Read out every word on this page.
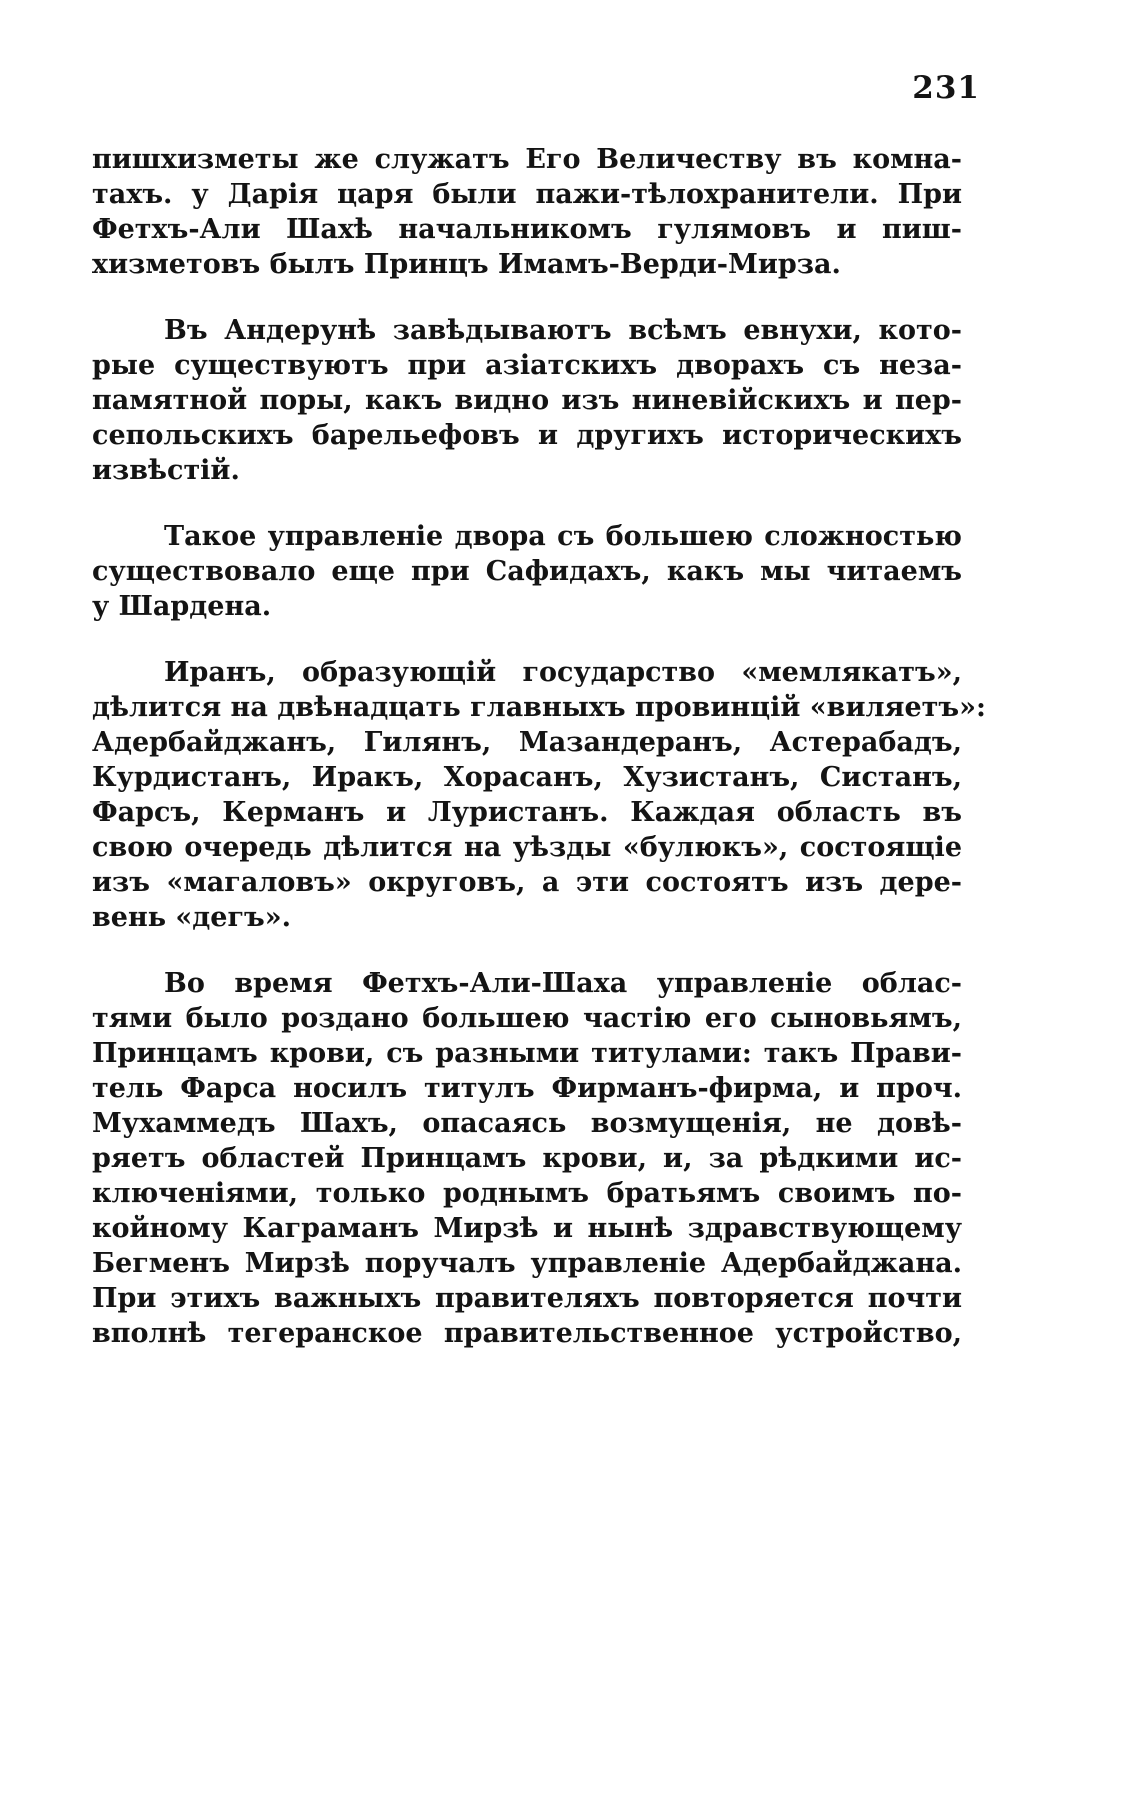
231
пишхизметы же служатъ Его Величеству въ комна-
тахъ. у Дарія царя были пажи-тѣлохранители. При
Фетхъ-Али Шахѣ начальникомъ гулямовъ и пиш-
хизметовъ былъ Принцъ Имамъ-Верди-Мирза.
Въ Андерунѣ завѣдываютъ всѣмъ евнухи, кото-
рые существуютъ при азіатскихъ дворахъ съ неза-
памятной поры, какъ видно изъ ниневійскихъ и пер-
сепольскихъ барельефовъ и другихъ историческихъ
извѣстій.
Такое управленіе двора съ большею сложностью
существовало еще при Сафидахъ, какъ мы читаемъ
у Шардена.
Иранъ, образующій государство «мемлякатъ»,
дѣлится на двѣнадцать главныхъ провинцій «виляетъ»:
Адербайджанъ, Гилянъ, Мазандеранъ, Астерабадъ,
Курдистанъ, Иракъ, Хорасанъ, Хузистанъ, Систанъ,
Фарсъ, Керманъ и Луристанъ. Каждая область въ
свою очередь дѣлится на уѣзды «булюкъ», состоящіе
изъ «магаловъ» округовъ, а эти состоятъ изъ дере-
вень «дегъ».
Во время Фетхъ-Али-Шаха управленіе облас-
тями было роздано большею частію его сыновьямъ,
Принцамъ крови, съ разными титулами: такъ Прави-
тель Фарса носилъ титулъ Фирманъ-фирма, и проч.
Мухаммедъ Шахъ, опасаясь возмущенія, не довѣ-
ряетъ областей Принцамъ крови, и, за рѣдкими ис-
ключеніями, только роднымъ братьямъ своимъ по-
койному Каграманъ Мирзѣ и нынѣ здравствующему
Бегменъ Мирзѣ поручалъ управленіе Адербайджана.
При этихъ важныхъ правителяхъ повторяется почти
вполнѣ тегеранское правительственное устройство,
